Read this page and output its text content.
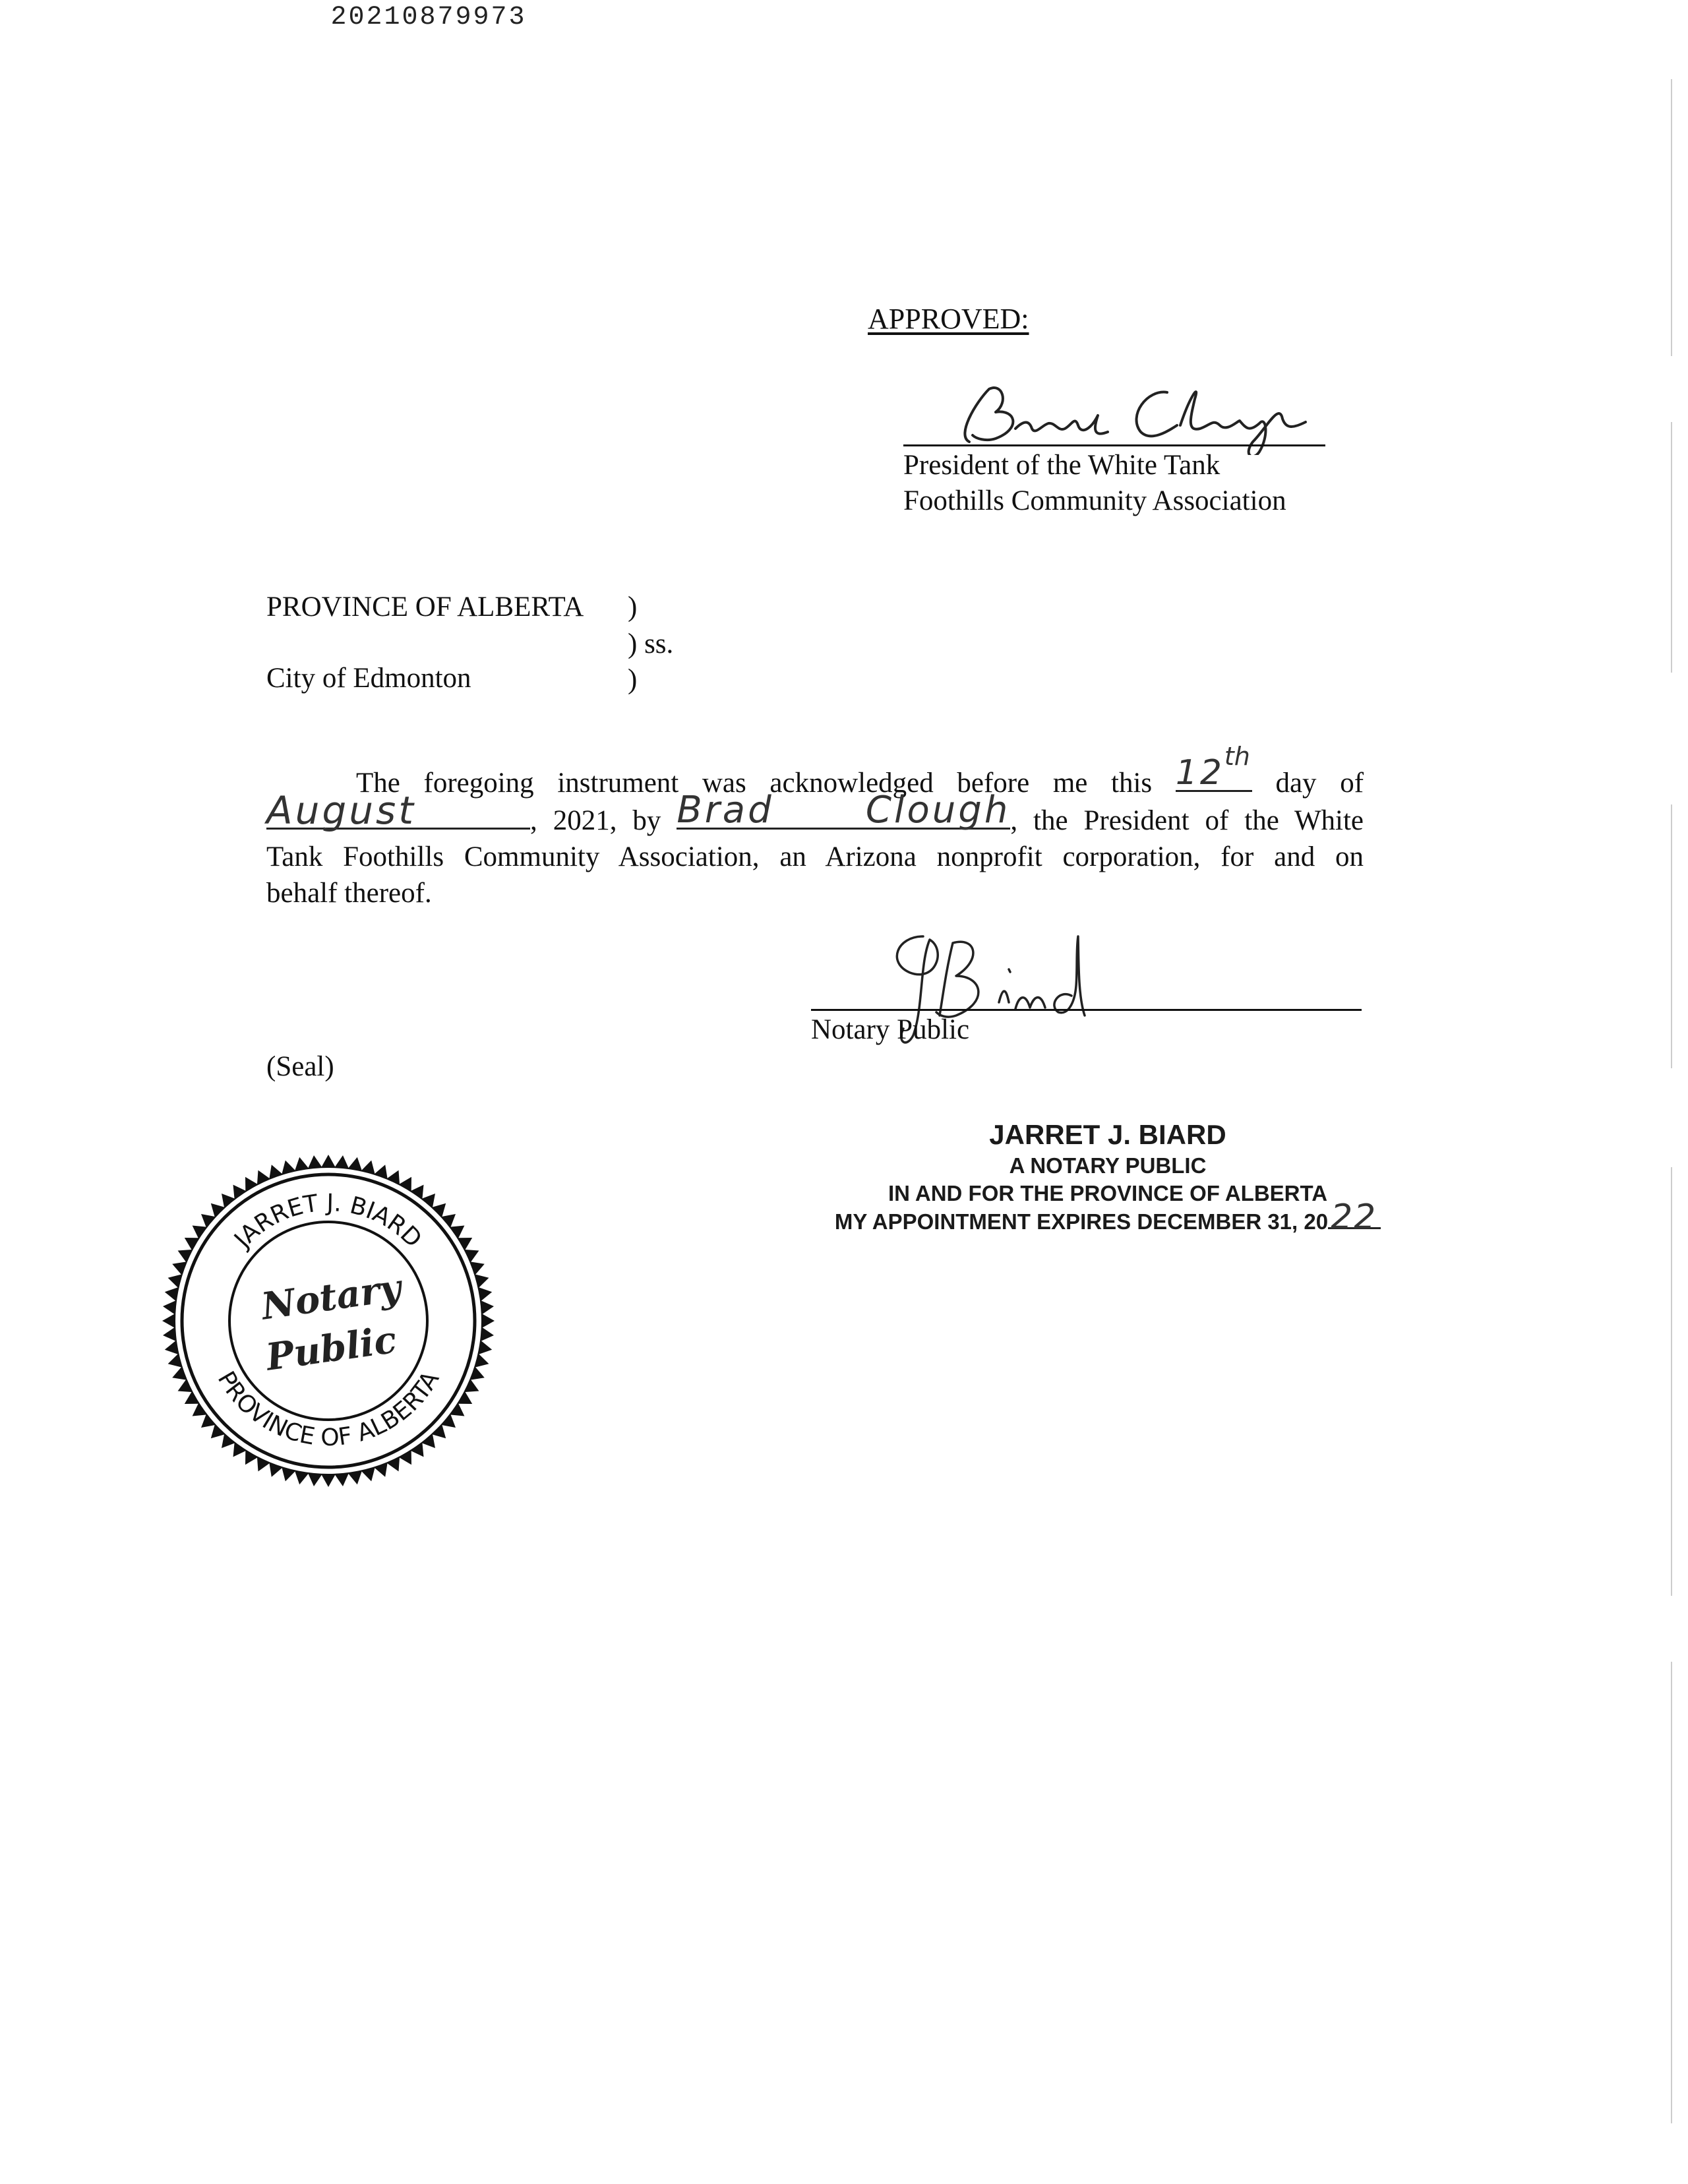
20210879973
APPROVED:
President of the White Tank
Foothills Community Association
PROVINCE OF ALBERTA )
) ss.
City of Edmonton	)
The foregoing instrument was acknowledged before me this 12 th
day of
August	, 2021, by Brad Clough , the President of the White
Tank Foothills Community Association, an Arizona nonprofit corporation, for and on
behalf thereof.
Notary Public
(Seal)
JARRET J. BIARD
A NOTARY PUBLIC
IN AND FOR THE PROVINCE OF ALBERTA
MY APPOINTMENT EXPIRES DECEMBER 31, 20 22
JARRET J. BIARD
PROVINCE OF ALBERTA
Notary
Public
